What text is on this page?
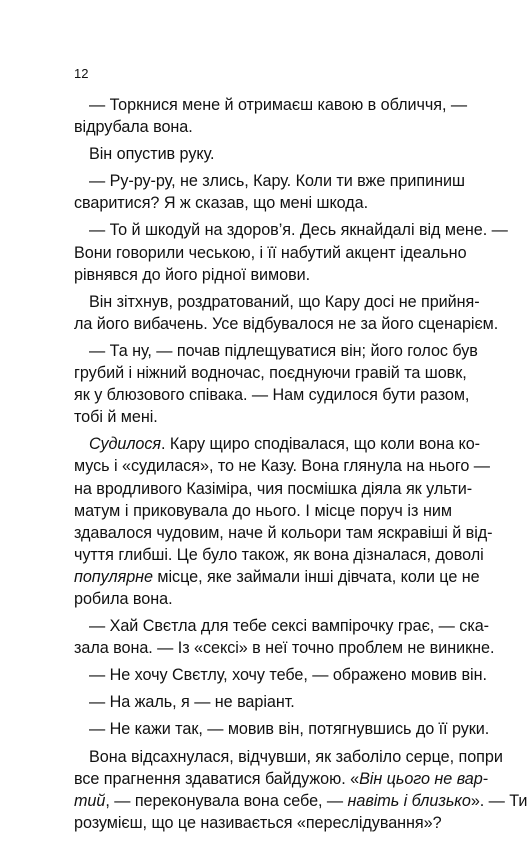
12
— Торкнися мене й отримаєш кавою в обличчя, —
відрубала вона.
Він опустив руку.
— Ру-ру-ру, не злись, Кару. Коли ти вже припиниш
сваритися? Я ж сказав, що мені шкода.
— То й шкодуй на здоров’я. Десь якнайдалі від мене. —
Вони говорили чеською, і її набутий акцент ідеально
рівнявся до його рідної вимови.
Він зітхнув, роздратований, що Кару досі не прийня-
ла його вибачень. Усе відбувалося не за його сценарієм.
— Та ну, — почав підлещуватися він; його голос був
грубий і ніжний водночас, поєднуючи гравій та шовк,
як у блюзового співака. — Нам судилося бути разом,
тобі й мені.
Судилося. Кару щиро сподівалася, що коли вона ко-
мусь і «судилася», то не Казу. Вона глянула на нього —
на вродливого Казіміра, чия посмішка діяла як ульти-
матум і приковувала до нього. І місце поруч із ним
здавалося чудовим, наче й кольори там яскравіші й від-
чуття глибші. Це було також, як вона дізналася, доволі
популярне місце, яке займали інші дівчата, коли це не
робила вона.
— Хай Свєтла для тебе сексі вампірочку грає, — ска-
зала вона. — Із «сексі» в неї точно проблем не виникне.
— Не хочу Свєтлу, хочу тебе, — ображено мовив він.
— На жаль, я — не варіант.
— Не кажи так, — мовив він, потягнувшись до її руки.
Вона відсахнулася, відчувши, як заболіло серце, попри
все прагнення здаватися байдужою. «Він цього не вар-
тий, — переконувала вона себе, — навіть і близько». — Ти
розумієш, що це називається «переслідування»?
